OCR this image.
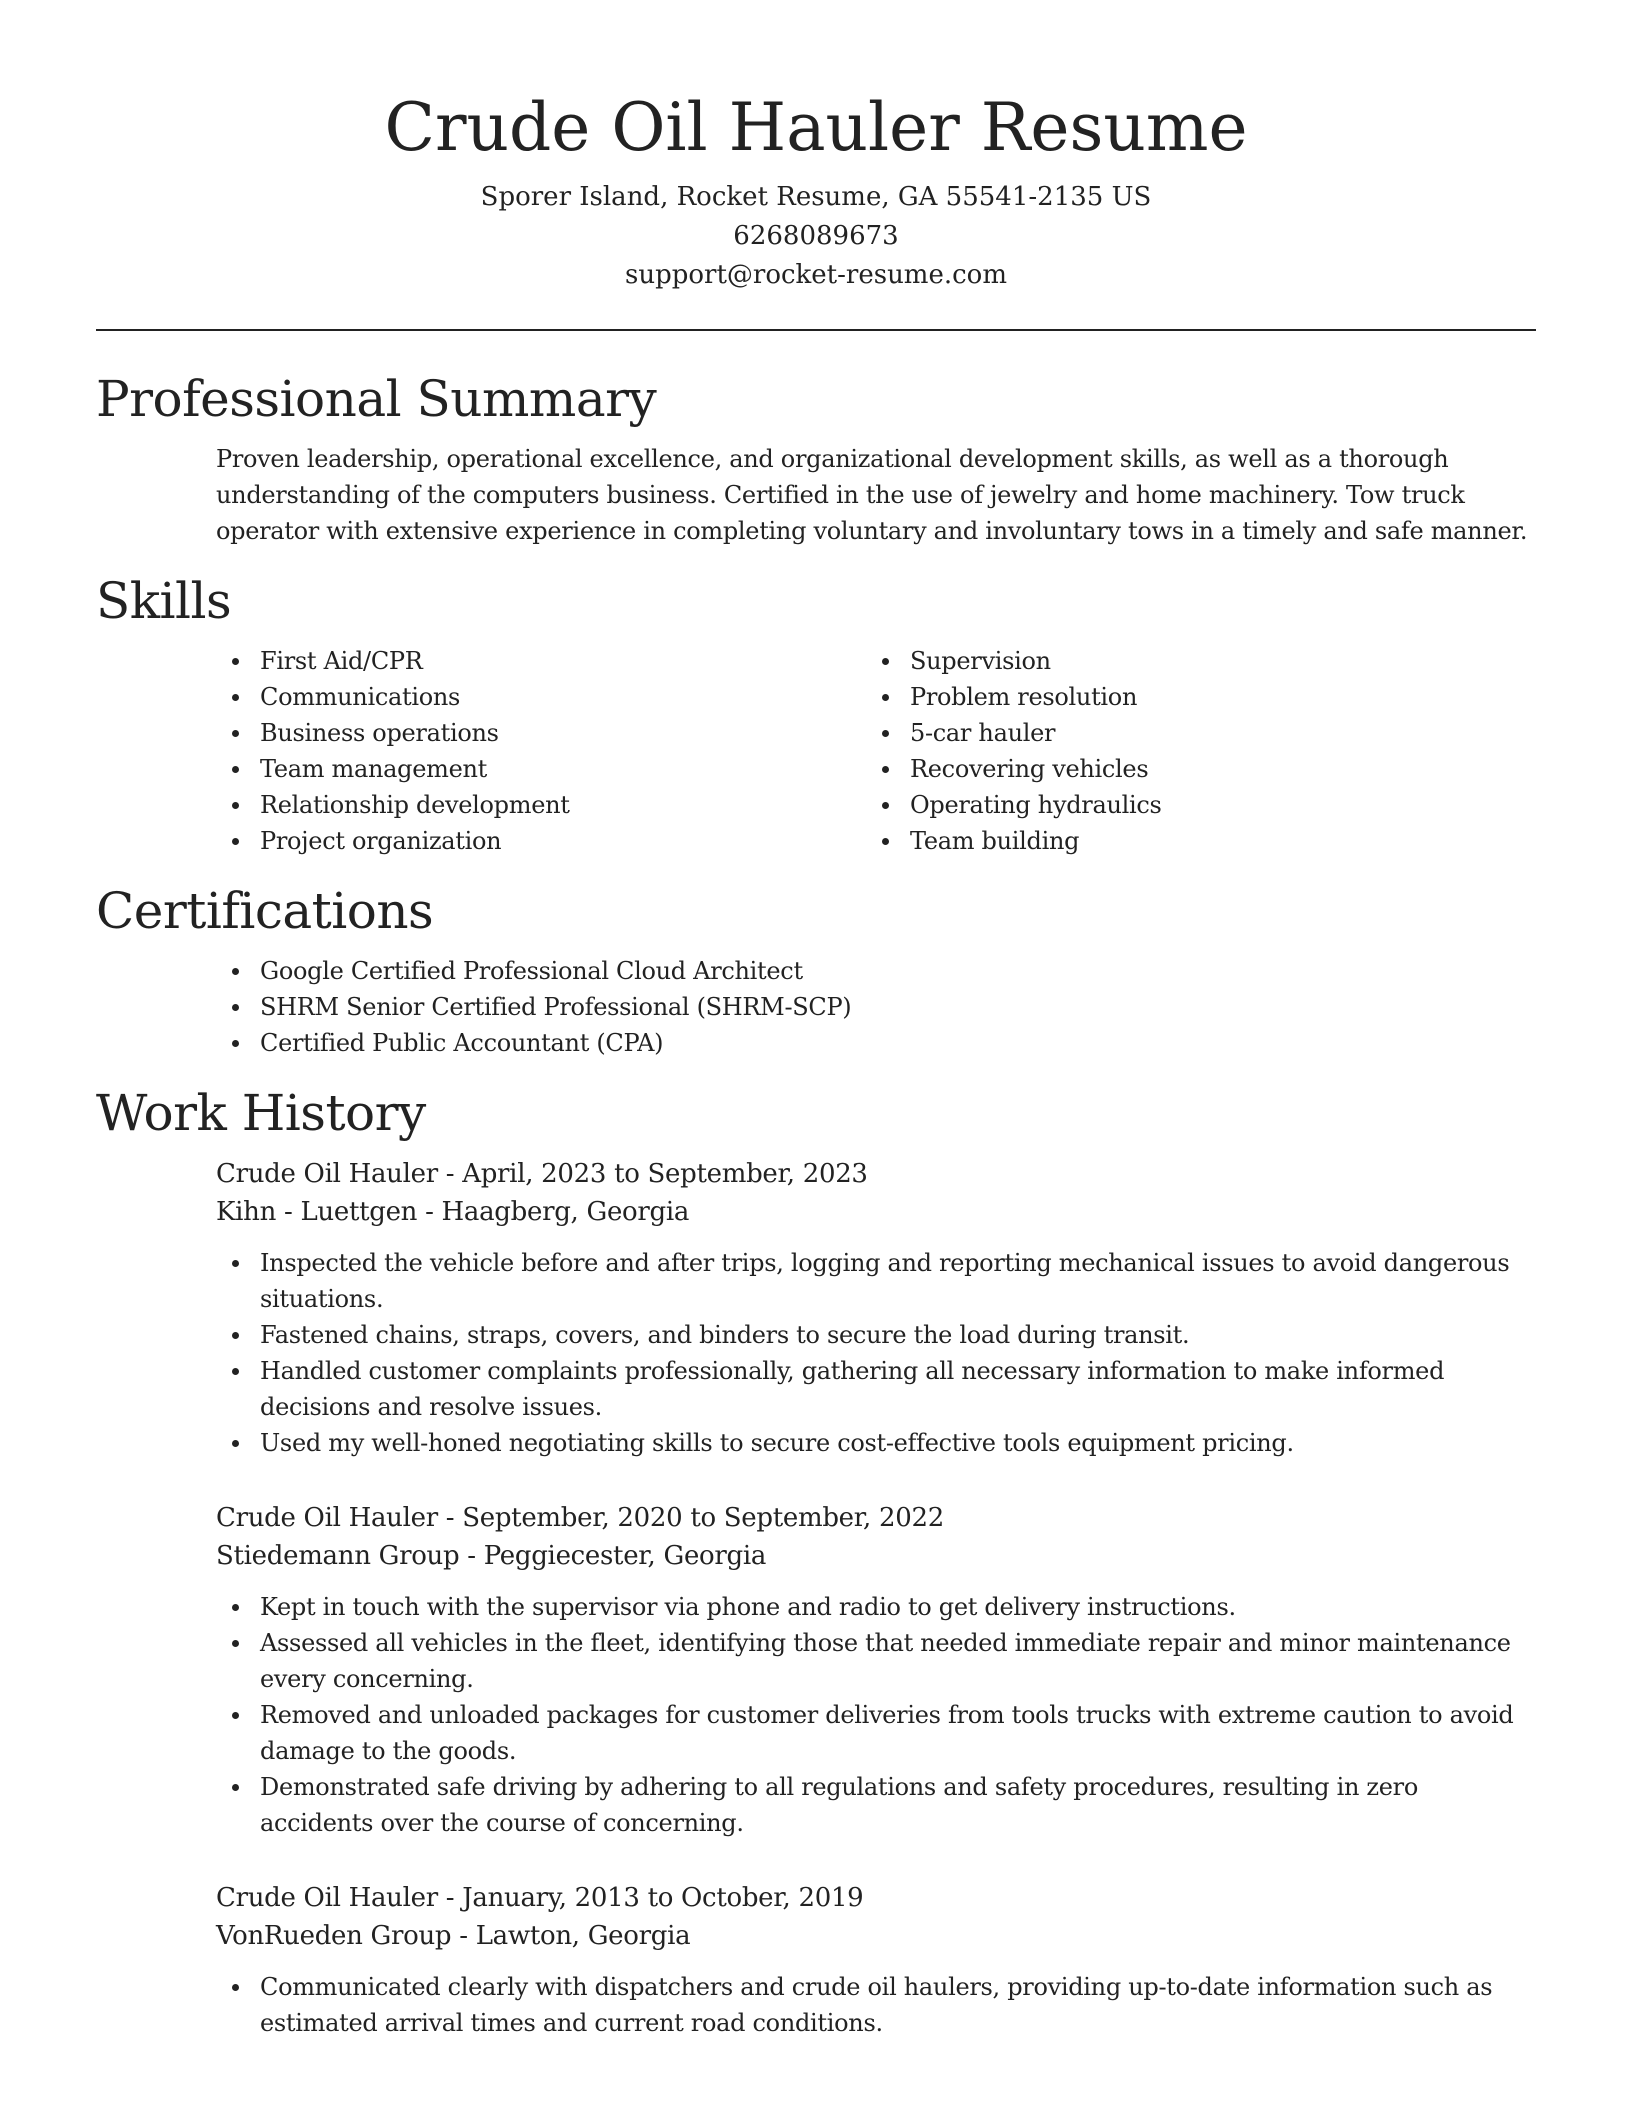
Crude Oil Hauler Resume
Sporer Island, Rocket Resume, GA 55541-2135 US
6268089673
support@rocket-resume.com
Professional Summary
Proven leadership, operational excellence, and organizational development skills, as well as a thorough understanding of the computers business. Certified in the use of jewelry and home machinery. Tow truck operator with extensive experience in completing voluntary and involuntary tows in a timely and safe manner.
Skills
First Aid/CPR
Communications
Business operations
Team management
Relationship development
Project organization
Supervision
Problem resolution
5-car hauler
Recovering vehicles
Operating hydraulics
Team building
Certifications
Google Certified Professional Cloud Architect
SHRM Senior Certified Professional (SHRM-SCP)
Certified Public Accountant (CPA)
Work History
Crude Oil Hauler - April, 2023 to September, 2023
Kihn - Luettgen - Haagberg, Georgia
Inspected the vehicle before and after trips, logging and reporting mechanical issues to avoid dangerous situations.
Fastened chains, straps, covers, and binders to secure the load during transit.
Handled customer complaints professionally, gathering all necessary information to make informed decisions and resolve issues.
Used my well-honed negotiating skills to secure cost-effective tools equipment pricing.
Crude Oil Hauler - September, 2020 to September, 2022
Stiedemann Group - Peggiecester, Georgia
Kept in touch with the supervisor via phone and radio to get delivery instructions.
Assessed all vehicles in the fleet, identifying those that needed immediate repair and minor maintenance every concerning.
Removed and unloaded packages for customer deliveries from tools trucks with extreme caution to avoid damage to the goods.
Demonstrated safe driving by adhering to all regulations and safety procedures, resulting in zero accidents over the course of concerning.
Crude Oil Hauler - January, 2013 to October, 2019
VonRueden Group - Lawton, Georgia
Communicated clearly with dispatchers and crude oil haulers, providing up-to-date information such as estimated arrival times and current road conditions.
